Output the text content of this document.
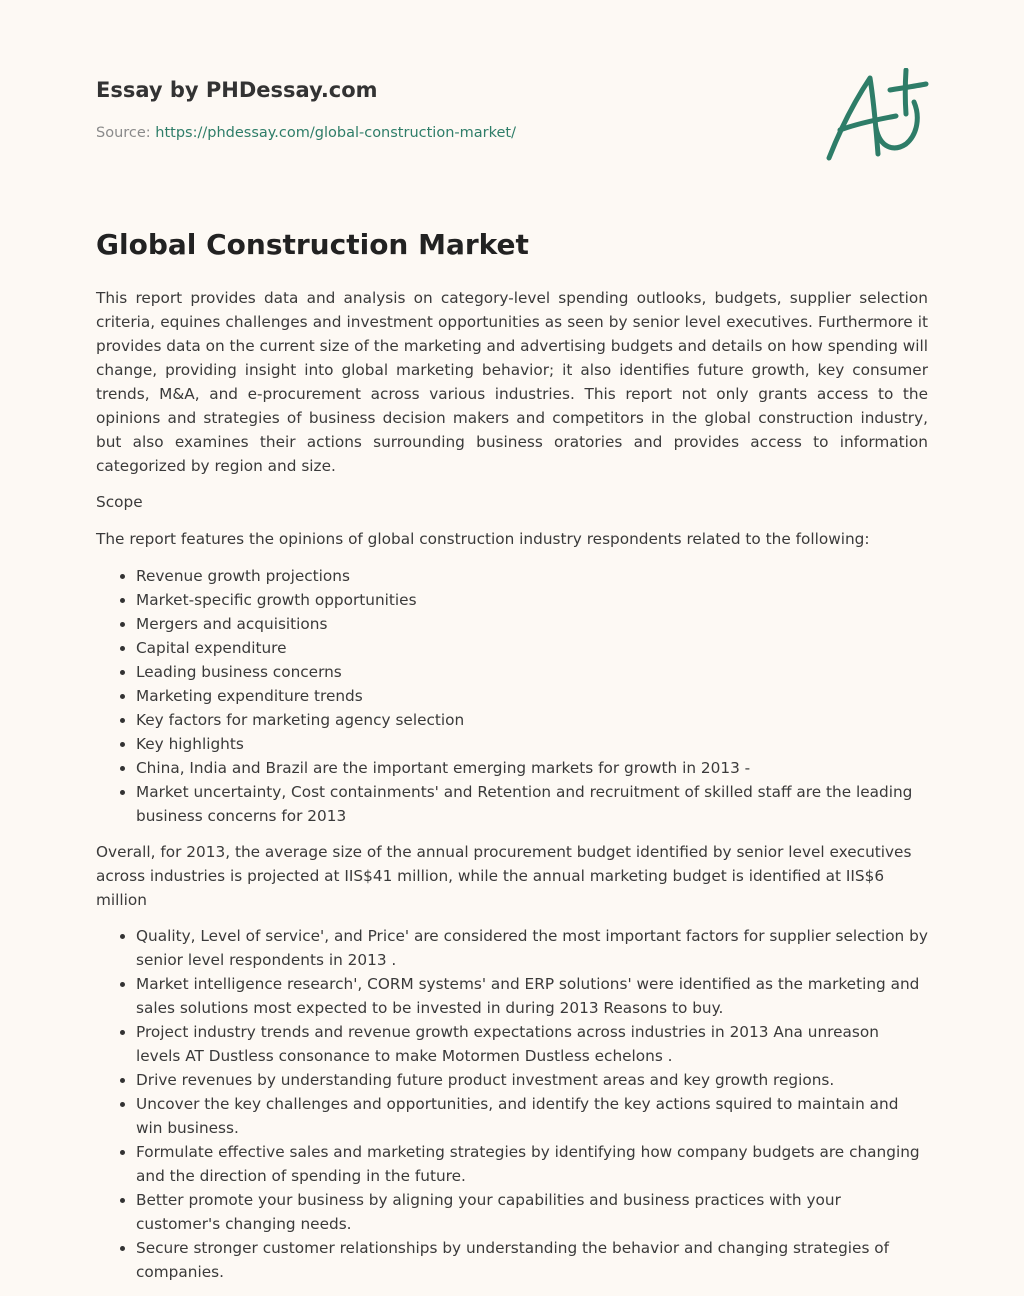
Essay by PHDessay.com
Source: https://phdessay.com/global-construction-market/
Global Construction Market

This report provides data and analysis on category-level spending outlooks, budgets, supplier selection criteria, equines challenges and investment opportunities as seen by senior level executives. Furthermore it provides data on the current size of the marketing and advertising budgets and details on how spending will change, providing insight into global marketing behavior; it also identifies future growth, key consumer trends, M&A, and e-procurement across various industries. This report not only grants access to the opinions and strategies of business decision makers and competitors in the global construction industry, but also examines their actions surrounding business oratories and provides access to information categorized by region and size.

Scope

The report features the opinions of global construction industry respondents related to the following:

• Revenue growth projections
• Market-specific growth opportunities
• Mergers and acquisitions
• Capital expenditure
• Leading business concerns
• Marketing expenditure trends
• Key factors for marketing agency selection
• Key highlights
• China, India and Brazil are the important emerging markets for growth in 2013 -
• Market uncertainty, Cost containments' and Retention and recruitment of skilled staff are the leading business concerns for 2013

Overall, for 2013, the average size of the annual procurement budget identified by senior level executives across industries is projected at IIS$41 million, while the annual marketing budget is identified at IIS$6 million

• Quality, Level of service', and Price' are considered the most important factors for supplier selection by senior level respondents in 2013 .
• Market intelligence research', CORM systems' and ERP solutions' were identified as the marketing and sales solutions most expected to be invested in during 2013 Reasons to buy.
• Project industry trends and revenue growth expectations across industries in 2013 Ana unreason levels AT Dustless consonance to make Motormen Dustless echelons .
• Drive revenues by understanding future product investment areas and key growth regions.
• Uncover the key challenges and opportunities, and identify the key actions squired to maintain and win business.
• Formulate effective sales and marketing strategies by identifying how company budgets are changing and the direction of spending in the future.
• Better promote your business by aligning your capabilities and business practices with your customer's changing needs.
• Secure stronger customer relationships by understanding the behavior and changing strategies of companies.
